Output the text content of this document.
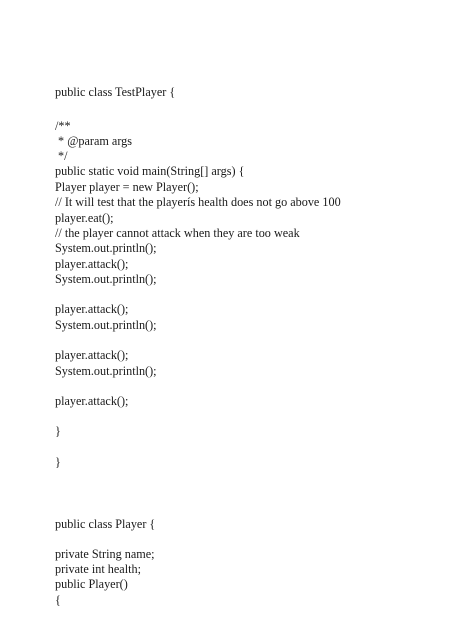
public class TestPlayer {

/**

* @param args

*/

public static void main(String[] args) {

Player player = new Player();

// It will test that the playerís health does not go above 100

player.eat();

// the player cannot attack when they are too weak

System.out.println();

player.attack();

System.out.println();

player.attack();

System.out.println();

player.attack();

System.out.println();

player.attack();

}

}

public class Player {

private String name;

private int health;

public Player()

{
